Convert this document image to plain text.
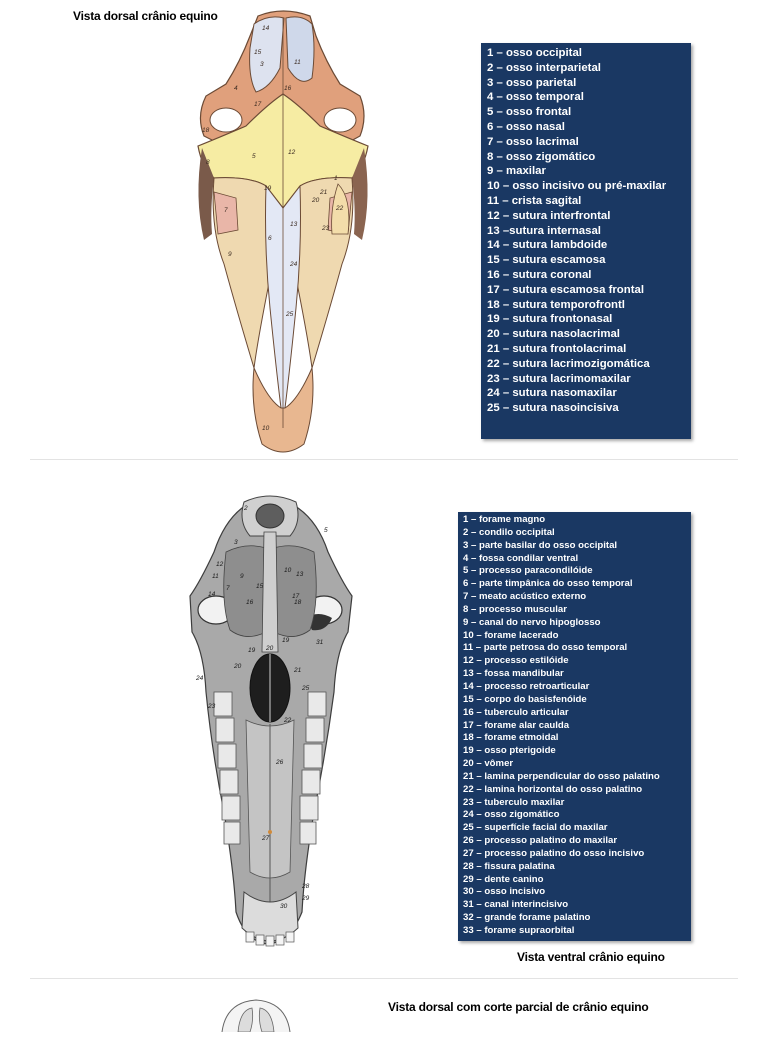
Vista dorsal crânio equino
14
15
11
3
16
17
4
18
5
12
8
22
1
20
7
23
21
9
13
6
24
25
19
10
1 – osso occipital
2 – osso interparietal
3 – osso parietal
4 – osso temporal
5 – osso frontal
6 – osso nasal
7 – osso lacrimal
8 – osso zigomático
9 – maxilar
10 – osso incisivo ou pré-maxilar
11 – crista sagital
12 – sutura interfrontal
13 –sutura internasal
14 – sutura lambdoide
15 – sutura escamosa
16 – sutura coronal
17 – sutura escamosa frontal
18 – sutura temporofrontl
19 – sutura frontonasal
20 – sutura nasolacrimal
21 – sutura frontolacrimal
22 – sutura lacrimozigomática
23 – sutura lacrimomaxilar
24 – sutura nasomaxilar
25 – sutura nasoincisiva
2
5
3
12
11
7
10
9
14
13
15
16	18
19
17
31
24
20
20
19
21
23
22
25
26
27
28
29
30
1 – forame magno
2 – condilo occipital
3 – parte basilar do osso occipital
4 – fossa condilar ventral
5 – processo paracondilóide
6 – parte timpânica do osso temporal
7 – meato acústico externo
8 – processo muscular
9 – canal do nervo hipoglosso
10 – forame lacerado
11 – parte petrosa do osso temporal
12 – processo estilóide
13 – fossa mandibular
14 – processo retroarticular
15 – corpo do basisfenóide
16 – tuberculo articular
17 – forame alar caulda
18 – forame etmoidal
19 – osso pterigoide
20 – vômer
21 – lamina perpendicular do osso palatino
22 – lamina horizontal do osso palatino
23 – tuberculo maxilar
24 – osso zigomático
25 – superfície facial do maxilar
26 – processo palatino do maxilar
27 – processo palatino do osso incisivo
28 – fissura palatina
29 – dente canino
30 – osso incisivo
31 – canal interincisivo
32 – grande forame palatino
33 – forame supraorbital
Vista ventral crânio equino
Vista dorsal com corte parcial de crânio equino
